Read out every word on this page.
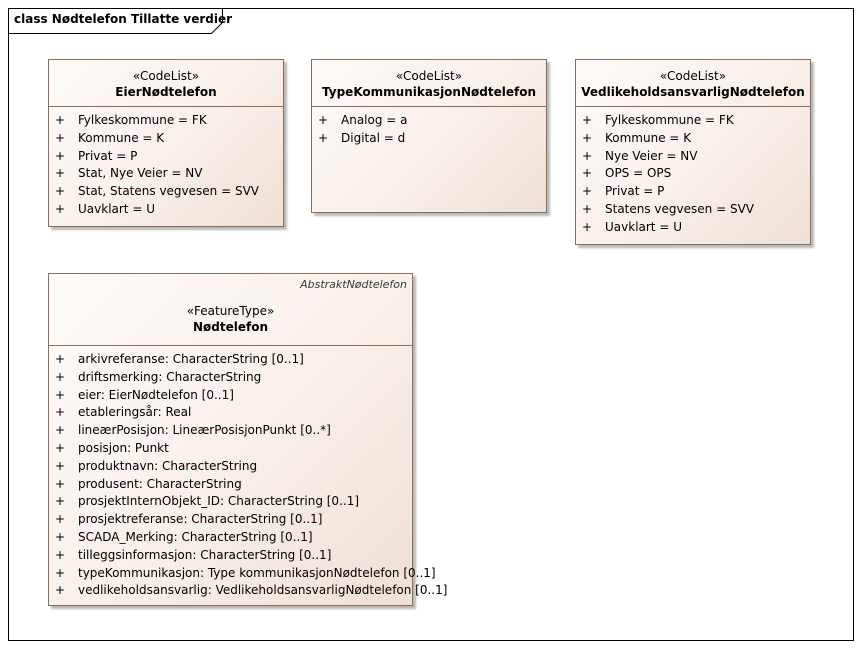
class Nødtelefon Tillatte verdier
«CodeList»
EierNødtelefon
+ Fylkeskommune = FK
+ Kommune = K
+ Privat = P
+ Stat, Nye Veier = NV
+ Stat, Statens vegvesen = SVV
+ Uavklart = U
«CodeList»
TypeKommunikasjonNødtelefon
+ Analog = a
+ Digital = d
«CodeList»
VedlikeholdsansvarligNødtelefon
+ Fylkeskommune = FK
+ Kommune = K
+ Nye Veier = NV
+ OPS = OPS
+ Privat = P
+ Statens vegvesen = SVV
+ Uavklart = U
AbstraktNødtelefon
«FeatureType»
Nødtelefon
+ arkivreferanse: CharacterString [0..1]
+ driftsmerking: CharacterString
+ eier: EierNødtelefon [0..1]
+ etableringsår: Real
+ lineærPosisjon: LineærPosisjonPunkt [0..*]
+ posisjon: Punkt
+ produktnavn: CharacterString
+ produsent: CharacterString
+ prosjektInternObjekt_ID: CharacterString [0..1]
+ prosjektreferanse: CharacterString [0..1]
+ SCADA_Merking: CharacterString [0..1]
+ tilleggsinformasjon: CharacterString [0..1]
+ typeKommunikasjon: Type kommunikasjonNødtelefon [0..1]
+ vedlikeholdsansvarlig: VedlikeholdsansvarligNødtelefon [0..1]
